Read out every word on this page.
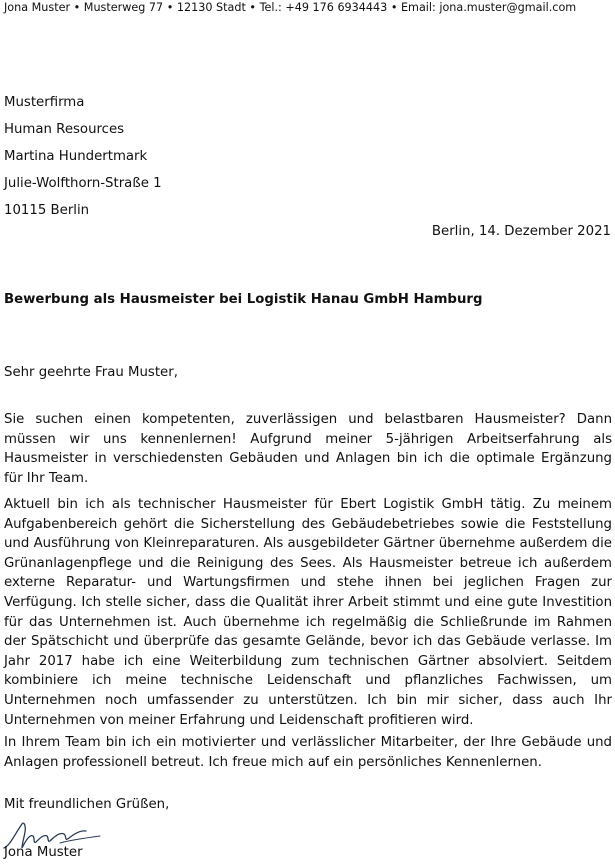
Jona Muster • Musterweg 77 • 12130 Stadt • Tel.: +49 176 6934443 • Email: jona.muster@gmail.com
Musterfirma
Human Resources
Martina Hundertmark
Julie-Wolfthorn-Straße 1
10115 Berlin
Berlin, 14. Dezember 2021
Bewerbung als Hausmeister bei Logistik Hanau GmbH Hamburg
Sehr geehrte Frau Muster,
Sie suchen einen kompetenten, zuverlässigen und belastbaren Hausmeister? Dann müssen wir uns kennenlernen! Aufgrund meiner 5-jährigen Arbeitserfahrung als Hausmeister in verschiedensten Gebäuden und Anlagen bin ich die optimale Ergänzung für Ihr Team.
Aktuell bin ich als technischer Hausmeister für Ebert Logistik GmbH tätig. Zu meinem Aufgabenbereich gehört die Sicherstellung des Gebäudebetriebes sowie die Feststellung und Ausführung von Kleinreparaturen. Als ausgebildeter Gärtner übernehme außerdem die Grünanlagenpflege und die Reinigung des Sees. Als Hausmeister betreue ich außerdem externe Reparatur- und Wartungsfirmen und stehe ihnen bei jeglichen Fragen zur Verfügung. Ich stelle sicher, dass die Qualität ihrer Arbeit stimmt und eine gute Investition für das Unternehmen ist. Auch übernehme ich regelmäßig die Schließrunde im Rahmen der Spätschicht und überprüfe das gesamte Gelände, bevor ich das Gebäude verlasse. Im Jahr 2017 habe ich eine Weiterbildung zum technischen Gärtner absolviert. Seitdem kombiniere ich meine technische Leidenschaft und pflanzliches Fachwissen, um Unternehmen noch umfassender zu unterstützen. Ich bin mir sicher, dass auch Ihr Unternehmen von meiner Erfahrung und Leidenschaft profitieren wird.
In Ihrem Team bin ich ein motivierter und verlässlicher Mitarbeiter, der Ihre Gebäude und Anlagen professionell betreut. Ich freue mich auf ein persönliches Kennenlernen.
Mit freundlichen Grüßen,
Jona Muster
